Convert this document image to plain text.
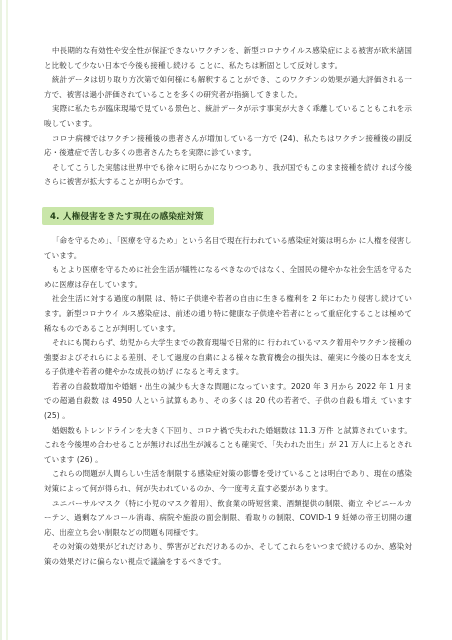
中長期的な有効性や安全性が保証できないワクチンを、新型コロナウイルス感染症による被害が欧米諸国と比較して少ない日本で今後も接種し続ける ことに、私たちは断固として反対します。

統計データは切り取り方次第で如何様にも解釈することができ、このワクチンの効果が過大評価される一方で、被害は過小評価されていることを多くの研究者が指摘してきました。

実際に私たちが臨床現場で見ている景色と、統計データが示す事実が大きく乖離していることもこれを示唆しています。

コロナ病棟ではワクチン接種後の患者さんが増加している一方で (24)、私たちはワクチン接種後の副反応・後遺症で苦しむ多くの患者さんたちを実際に診ています。

そしてこうした実態は世界中でも徐々に明らかになりつつあり、我が国でもこのまま接種を続け れば今後さらに被害が拡大することが明らかです。

4. 人権侵害をきたす現在の感染症対策

「命を守るため」、「医療を守るため」という名目で現在行われている感染症対策は明らか に人権を侵害しています。

もとより医療を守るために社会生活が犠牲になるべきなのではなく、全国民の健やかな社会生活を守るために医療は存在しています。

社会生活に対する過度の制限 は、特に子供達や若者の自由に生きる権利を 2 年にわたり侵害し続けています。新型コロナウイ ルス感染症は、前述の通り特に健康な子供達や若者にとって重症化することは極めて稀なものであることが判明しています。

それにも関わらず、幼児から大学生までの教育現場で日常的に 行われているマスク着用やワクチン接種の強要およびそれらによる差別、そして過度の自粛による様々な教育機会の損失は、確実に今後の日本を支える子供達や若者の健やかな成長の妨げ になると考えます。

若者の自殺数増加や婚姻・出生の減少も大きな問題になっています。2020 年 3 月から 2022 年 1 月までの超過自殺数 は 4950 人という試算もあり、その多くは 20 代の若者で、子供の自殺も増え ています (25) 。

婚姻数もトレンドラインを大きく下回り、コロナ禍で失われた婚姻数は 11.3 万件 と試算されています。これを今後埋め合わせることが無ければ出生が減ることも確実で、「失われた出生」が 21 万人に上るとされています (26) 。

これらの問題が人間らしい生活を制限する感染症対策の影響を受けていることは明白であり、現在の感染対策によって何が得られ、何が失われているのか、今一度考え直す必要があります。

ユニバーサルマスク（特に小児のマスク着用）、飲食業の時短営業、酒類提供の制限、衛立 やビニールカーテン、過剰なアルコール消毒、病院や施設の面会制限、看取りの制限、COVID-1 9 妊婦の帝王切開の適応、出産立ち会い制限などの問題も同様です。

その対策の効果がどれだけあり、弊害がどれだけあるのか、そしてこれらをいつまで続けるのか、感染対策の効果だけに偏らない視点で議論をするべきです。
